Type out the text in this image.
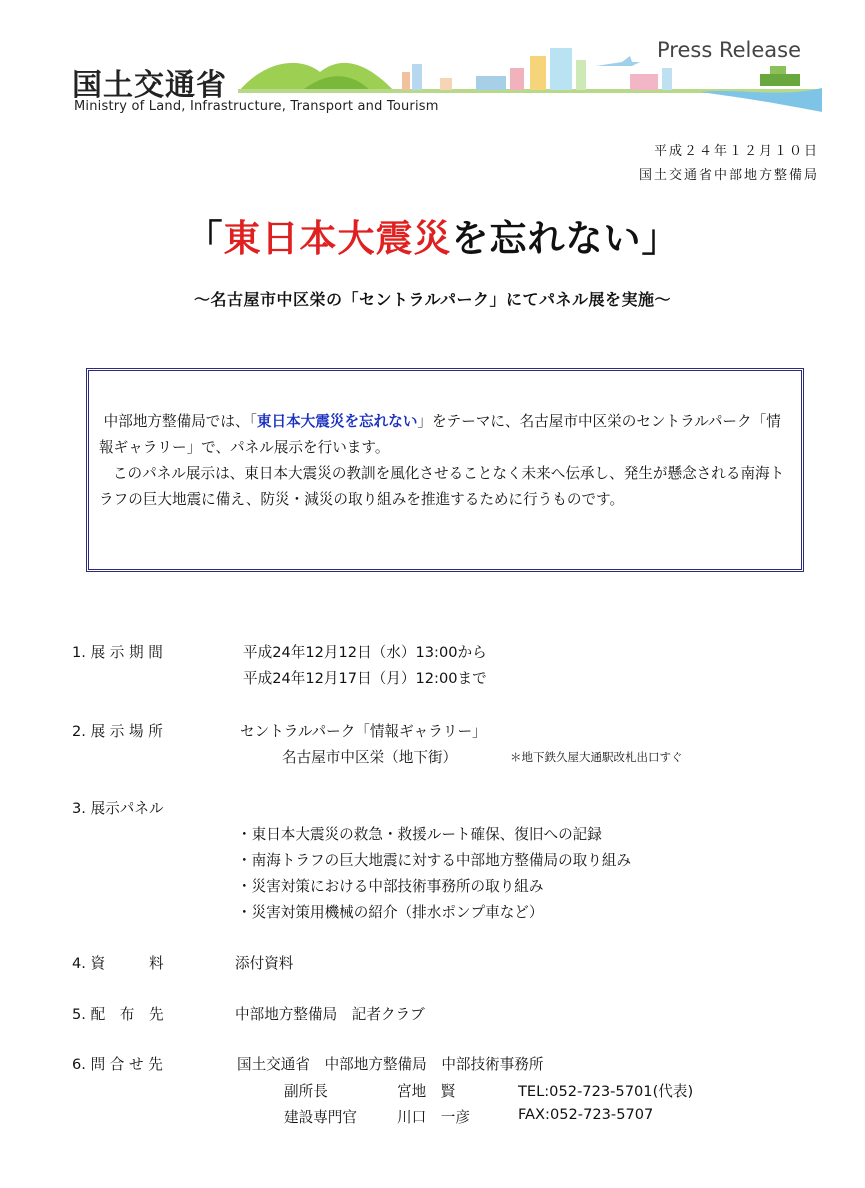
国土交通省
Ministry of Land, Infrastructure, Transport and Tourism
Press Release
平成２４年１２月１０日
国土交通省中部地方整備局
「東日本大震災を忘れない」
～名古屋市中区栄の「セントラルパーク」にてパネル展を実施～
中部地方整備局では、「東日本大震災を忘れない」をテーマに、名古屋市中区栄のセントラルパーク「情報ギャラリー」で、パネル展示を行います。
このパネル展示は、東日本大震災の教訓を風化させることなく未来へ伝承し、発生が懸念される南海トラフの巨大地震に備え、防災・減災の取り組みを推進するために行うものです。
1. 展 示 期 間	平成24年12月12日（水）13:00から
平成24年12月17日（月）12:00まで
2. 展 示 場 所	セントラルパーク「情報ギャラリー」
名古屋市中区栄（地下街）	＊地下鉄久屋大通駅改札出口すぐ
3. 展示パネル
・東日本大震災の救急・救援ルート確保、復旧への記録
・南海トラフの巨大地震に対する中部地方整備局の取り組み
・災害対策における中部技術事務所の取り組み
・災害対策用機械の紹介（排水ポンプ車など）
4. 資　　　料	添付資料
5. 配　布　先	中部地方整備局　記者クラブ
6. 問 合 せ 先	国土交通省　中部地方整備局　中部技術事務所
副所長	宮地　賢	TEL:052-723-5701(代表)
建設専門官	川口　一彦	FAX:052-723-5707
